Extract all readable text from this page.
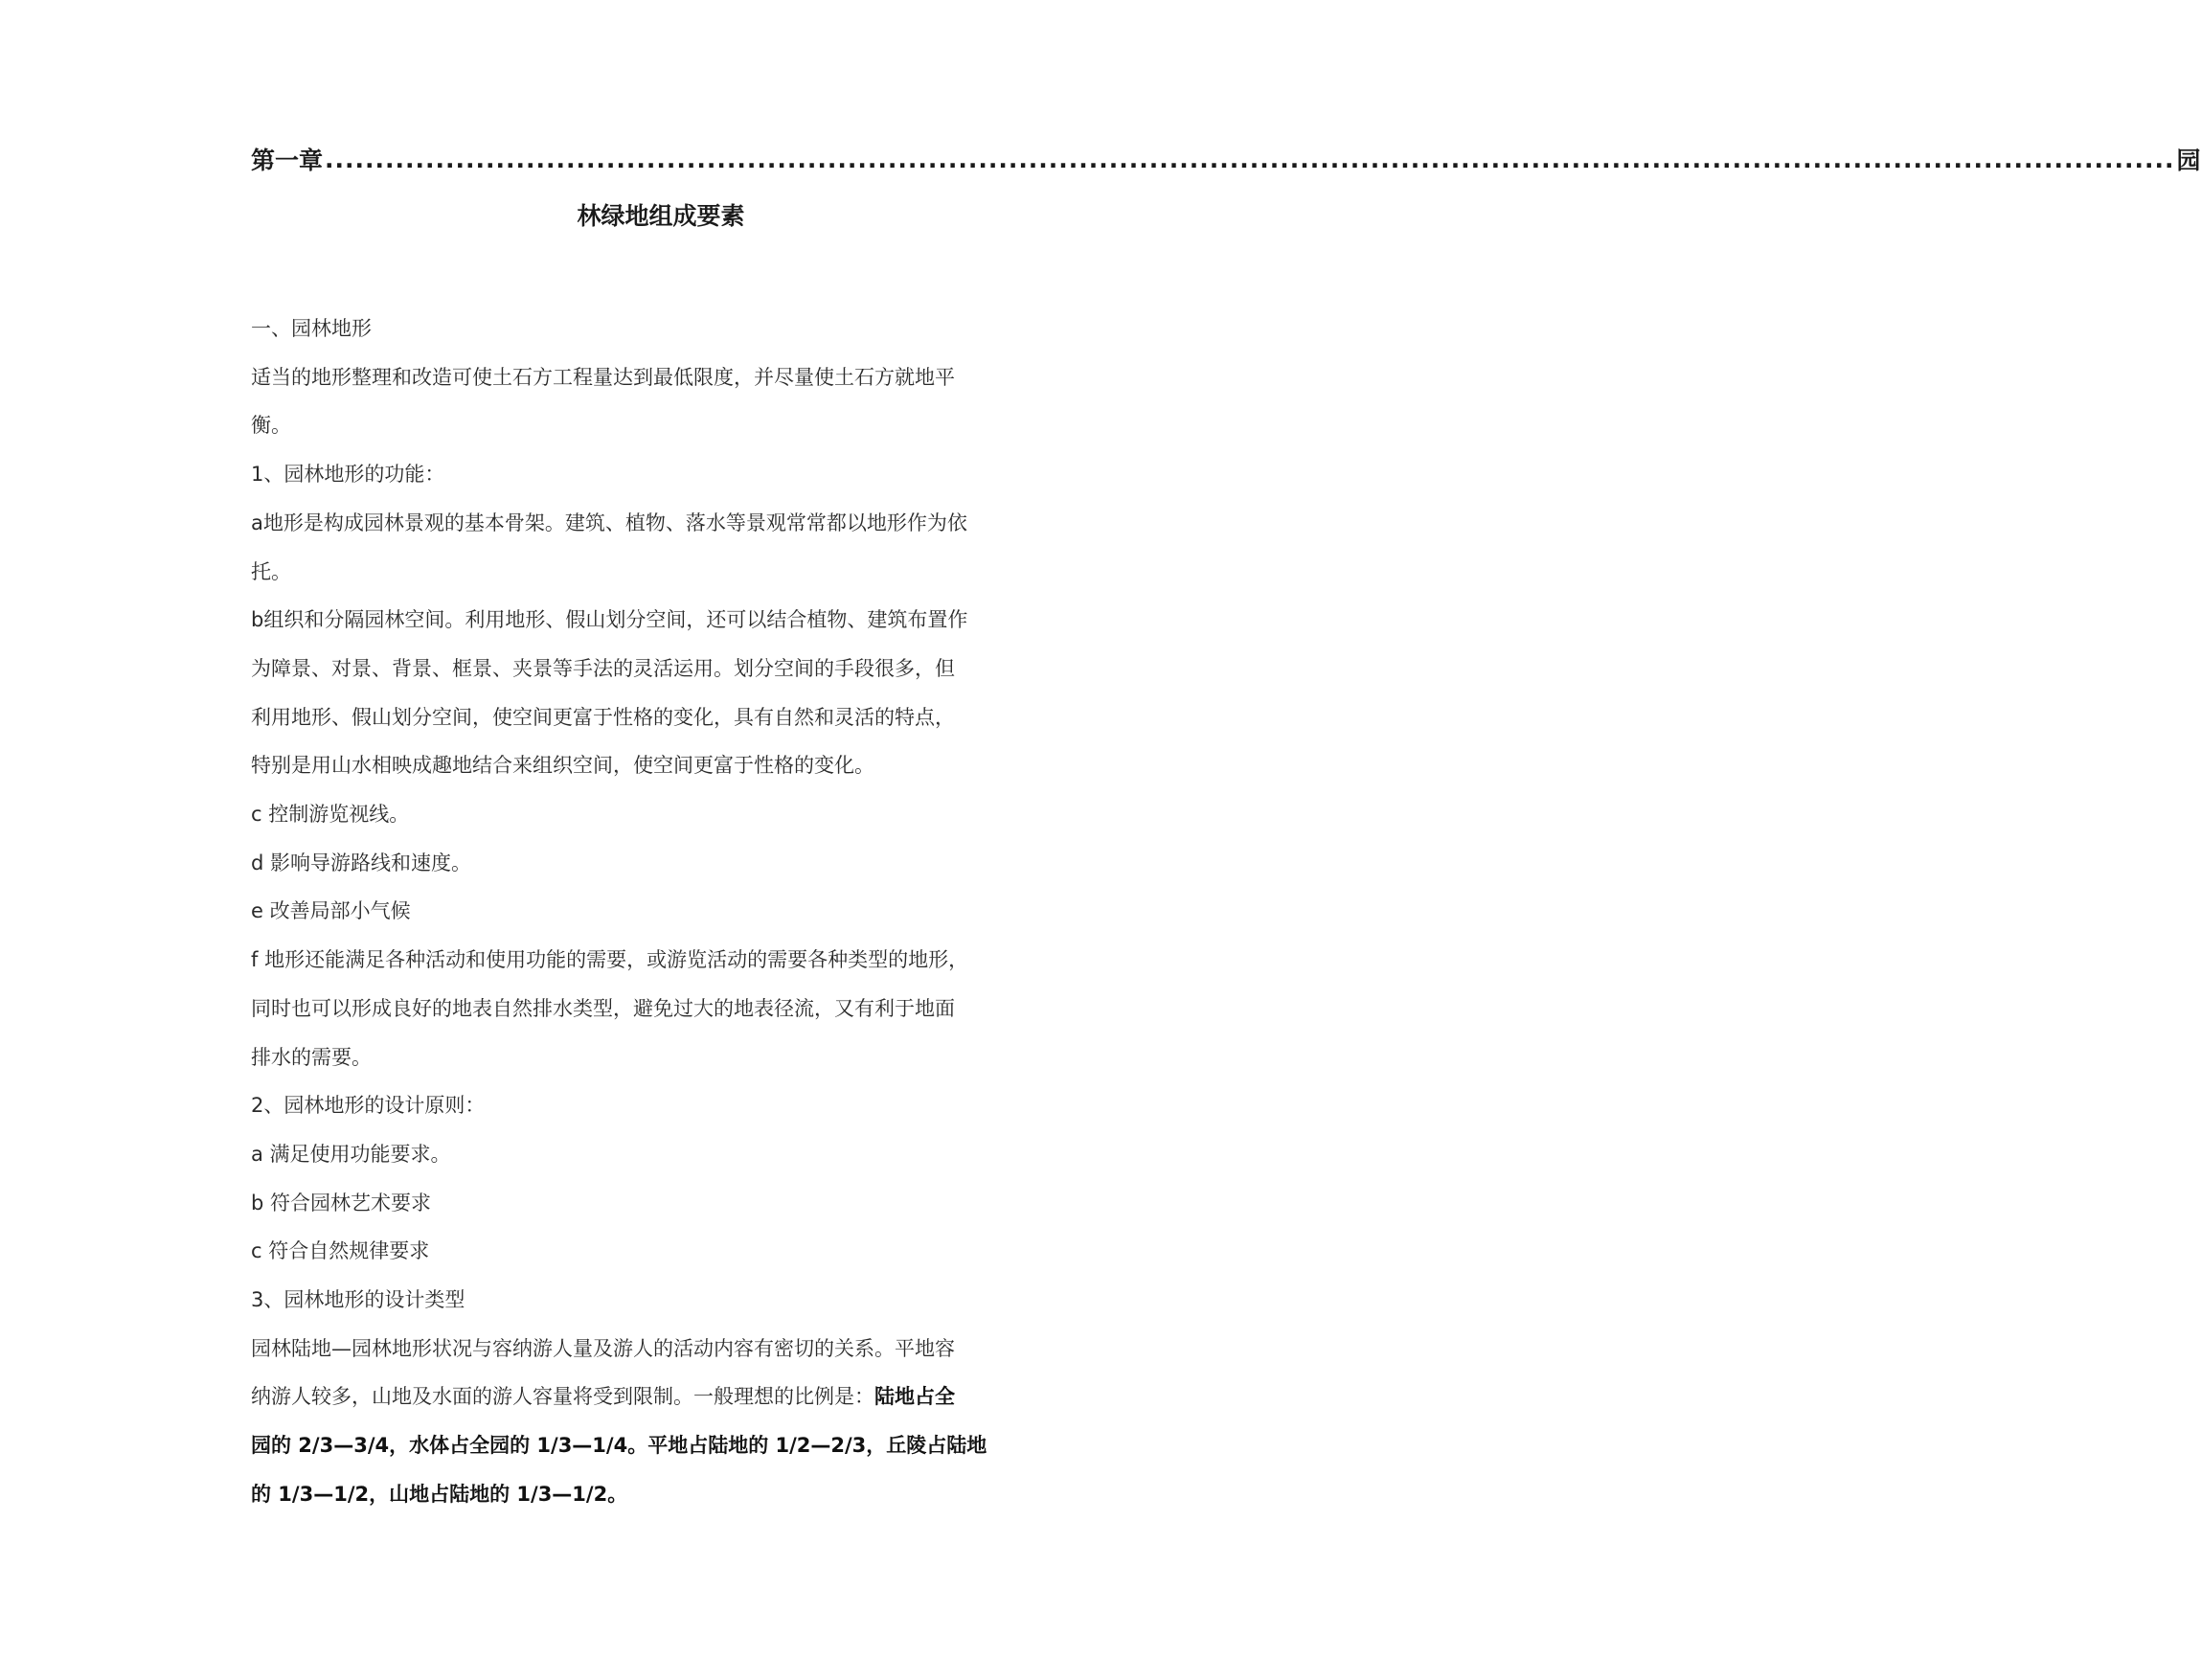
第一章 ........................................................................................................................................................................................ 园
林绿地组成要素

一、园林地形

适当的地形整理和改造可使土石方工程量达到最低限度，并尽量使土石方就地平

衡。

1、园林地形的功能：

a地形是构成园林景观的基本骨架。建筑、植物、落水等景观常常都以地形作为依

托。

b组织和分隔园林空间。利用地形、假山划分空间，还可以结合植物、建筑布置作

为障景、对景、背景、框景、夹景等手法的灵活运用。划分空间的手段很多，但

利用地形、假山划分空间，使空间更富于性格的变化，具有自然和灵活的特点，

特别是用山水相映成趣地结合来组织空间，使空间更富于性格的变化。

c 控制游览视线。

d 影响导游路线和速度。

e 改善局部小气候

f 地形还能满足各种活动和使用功能的需要，或游览活动的需要各种类型的地形，

同时也可以形成良好的地表自然排水类型，避免过大的地表径流，又有利于地面

排水的需要。

2、园林地形的设计原则：

a 满足使用功能要求。

b 符合园林艺术要求

c 符合自然规律要求

3、园林地形的设计类型

园林陆地—园林地形状况与容纳游人量及游人的活动内容有密切的关系。平地容

纳游人较多，山地及水面的游人容量将受到限制。一般理想的比例是：陆地占全

园的 2/3—3/4，水体占全园的 1/3—1/4。平地占陆地的 1/2—2/3，丘陵占陆地

的 1/3—1/2，山地占陆地的 1/3—1/2。
